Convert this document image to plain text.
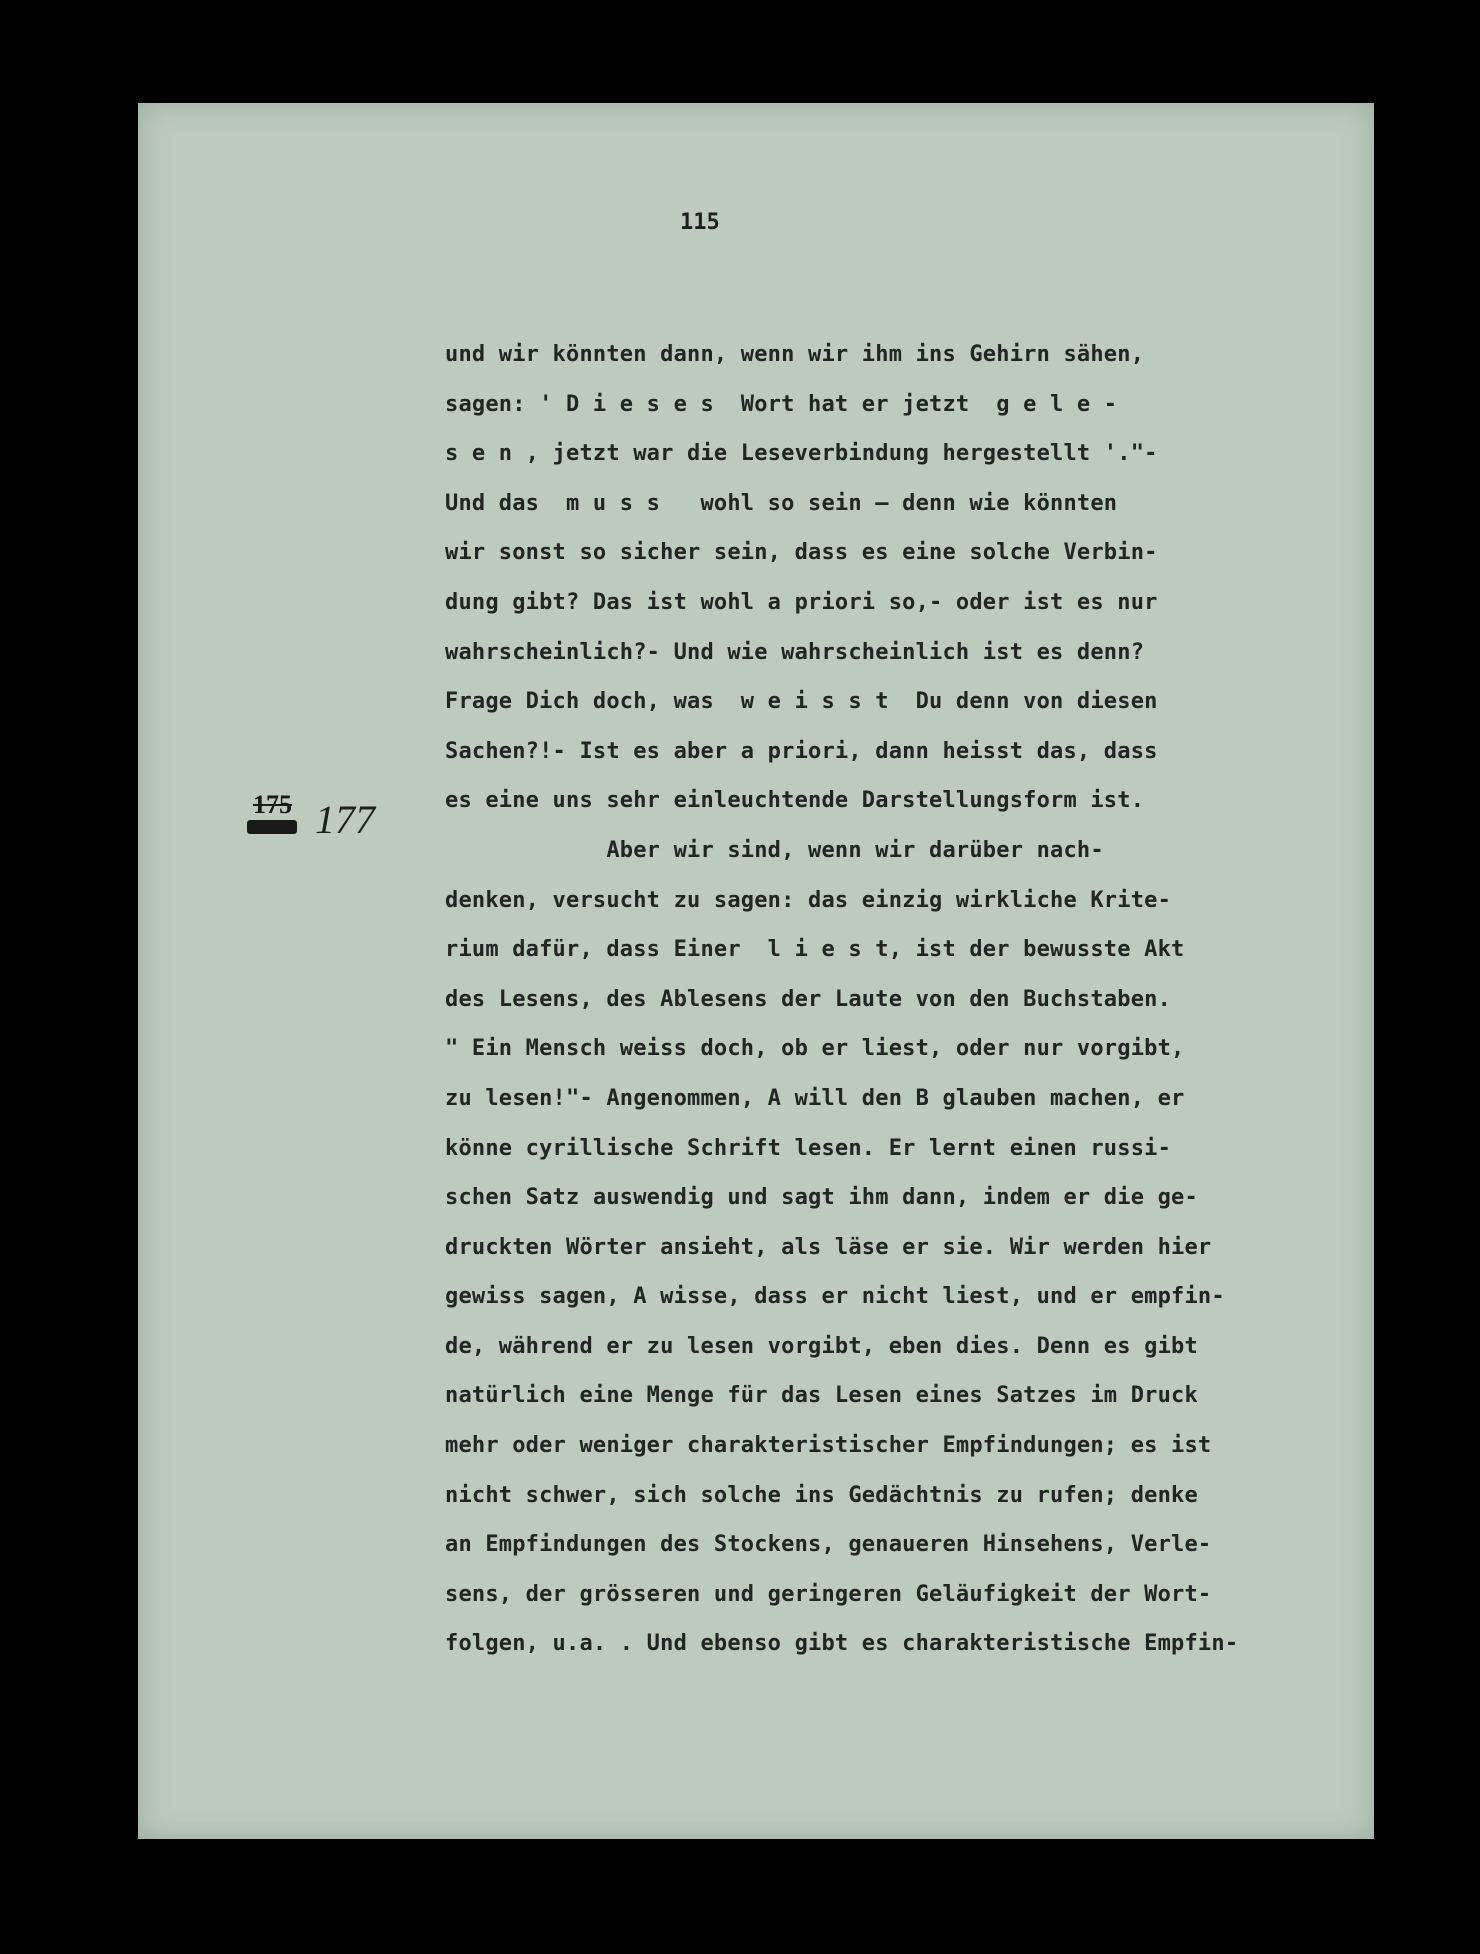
115
175 177
und wir könnten dann, wenn wir ihm ins Gehirn sähen,
sagen: ' D i e s e s  Wort hat er jetzt  g e l e -
s e n , jetzt war die Leseverbindung hergestellt '."-
Und das  m u s s   wohl so sein — denn wie könnten
wir sonst so sicher sein, dass es eine solche Verbin-
dung gibt? Das ist wohl a priori so,- oder ist es nur
wahrscheinlich?- Und wie wahrscheinlich ist es denn?
Frage Dich doch, was  w e i s s t  Du denn von diesen
Sachen?!- Ist es aber a priori, dann heisst das, dass
es eine uns sehr einleuchtende Darstellungsform ist.
Aber wir sind, wenn wir darüber nach-
denken, versucht zu sagen: das einzig wirkliche Krite-
rium dafür, dass Einer  l i e s t, ist der bewusste Akt
des Lesens, des Ablesens der Laute von den Buchstaben.
" Ein Mensch weiss doch, ob er liest, oder nur vorgibt,
zu lesen!"- Angenommen, A will den B glauben machen, er
könne cyrillische Schrift lesen. Er lernt einen russi-
schen Satz auswendig und sagt ihm dann, indem er die ge-
druckten Wörter ansieht, als läse er sie. Wir werden hier
gewiss sagen, A wisse, dass er nicht liest, und er empfin-
de, während er zu lesen vorgibt, eben dies. Denn es gibt
natürlich eine Menge für das Lesen eines Satzes im Druck
mehr oder weniger charakteristischer Empfindungen; es ist
nicht schwer, sich solche ins Gedächtnis zu rufen; denke
an Empfindungen des Stockens, genaueren Hinsehens, Verle-
sens, der grösseren und geringeren Geläufigkeit der Wort-
folgen, u.a. . Und ebenso gibt es charakteristische Empfin-
